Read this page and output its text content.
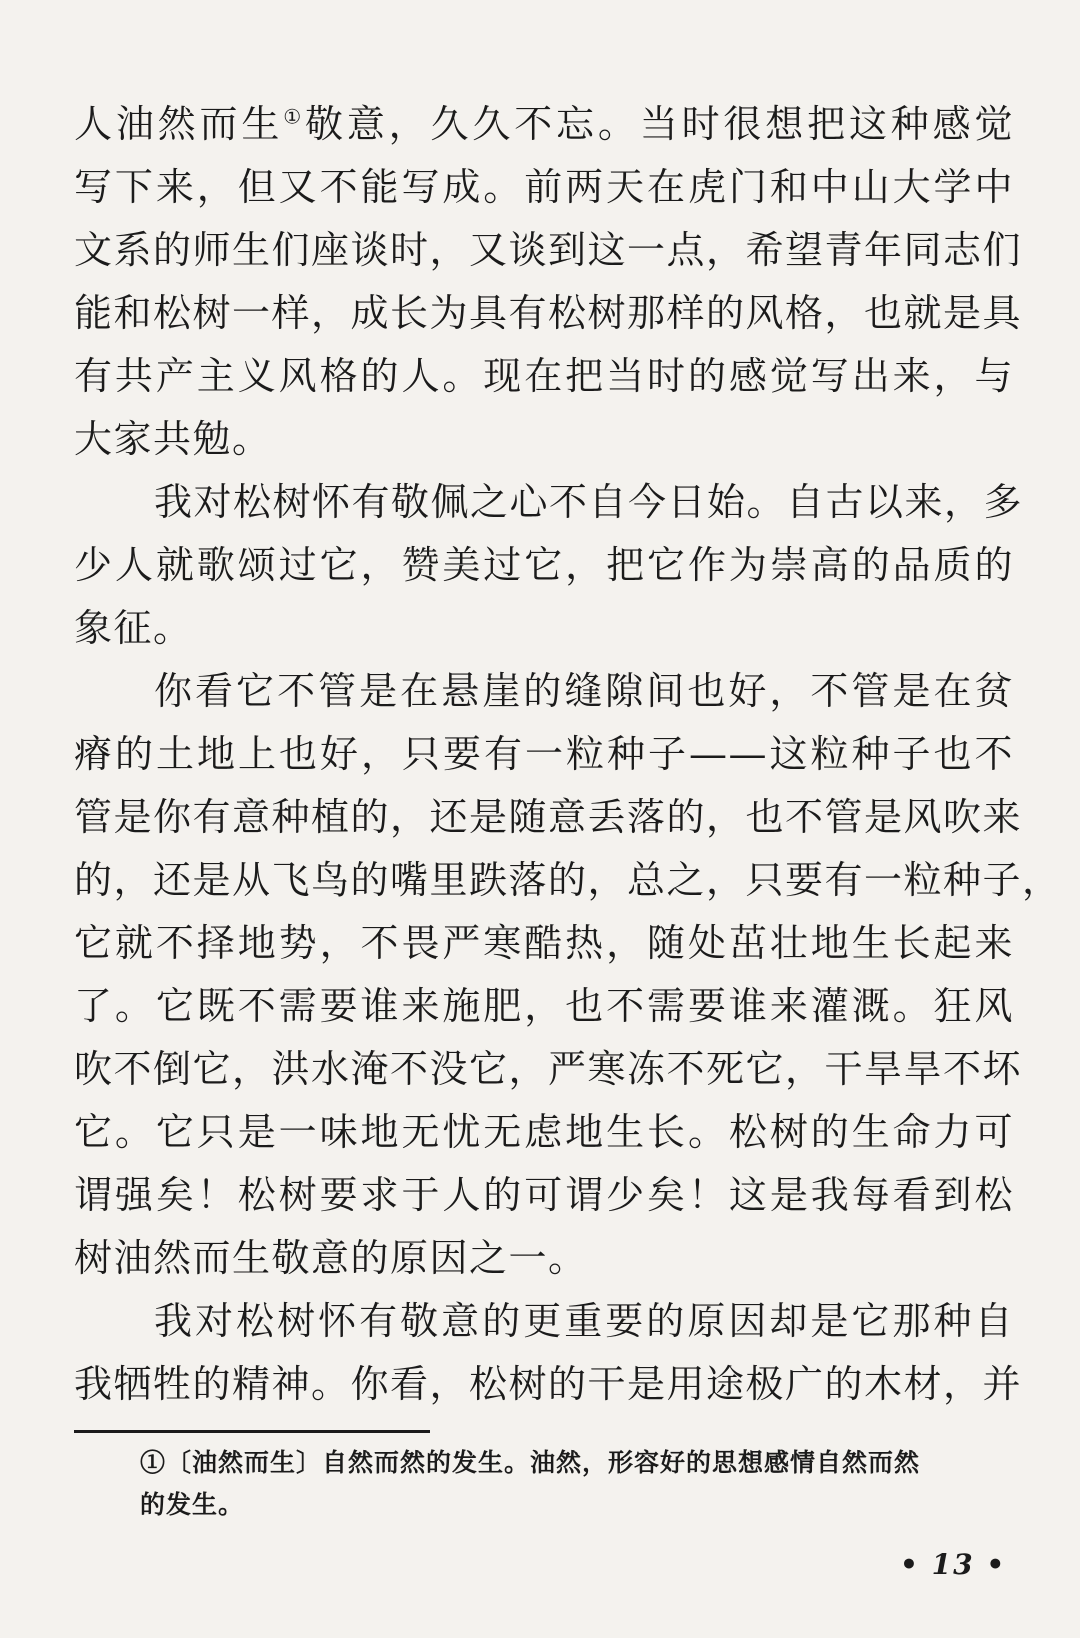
人油然而生①敬意，久久不忘。当时很想把这种感觉
写下来，但又不能写成。前两天在虎门和中山大学中
文系的师生们座谈时，又谈到这一点，希望青年同志们
能和松树一样，成长为具有松树那样的风格，也就是具
有共产主义风格的人。现在把当时的感觉写出来，与
大家共勉。
我对松树怀有敬佩之心不自今日始。自古以来，多
少人就歌颂过它，赞美过它，把它作为崇高的品质的
象征。
你看它不管是在悬崖的缝隙间也好，不管是在贫
瘠的土地上也好，只要有一粒种子——这粒种子也不
管是你有意种植的，还是随意丢落的，也不管是风吹来
的，还是从飞鸟的嘴里跌落的，总之，只要有一粒种子，
它就不择地势，不畏严寒酷热，随处茁壮地生长起来
了。它既不需要谁来施肥，也不需要谁来灌溉。狂风
吹不倒它，洪水淹不没它，严寒冻不死它，干旱旱不坏
它。它只是一味地无忧无虑地生长。松树的生命力可
谓强矣！松树要求于人的可谓少矣！这是我每看到松
树油然而生敬意的原因之一。
我对松树怀有敬意的更重要的原因却是它那种自
我牺牲的精神。你看，松树的干是用途极广的木材，并
①〔油然而生〕自然而然的发生。油然，形容好的思想感情自然而然
的发生。
• 13 •
